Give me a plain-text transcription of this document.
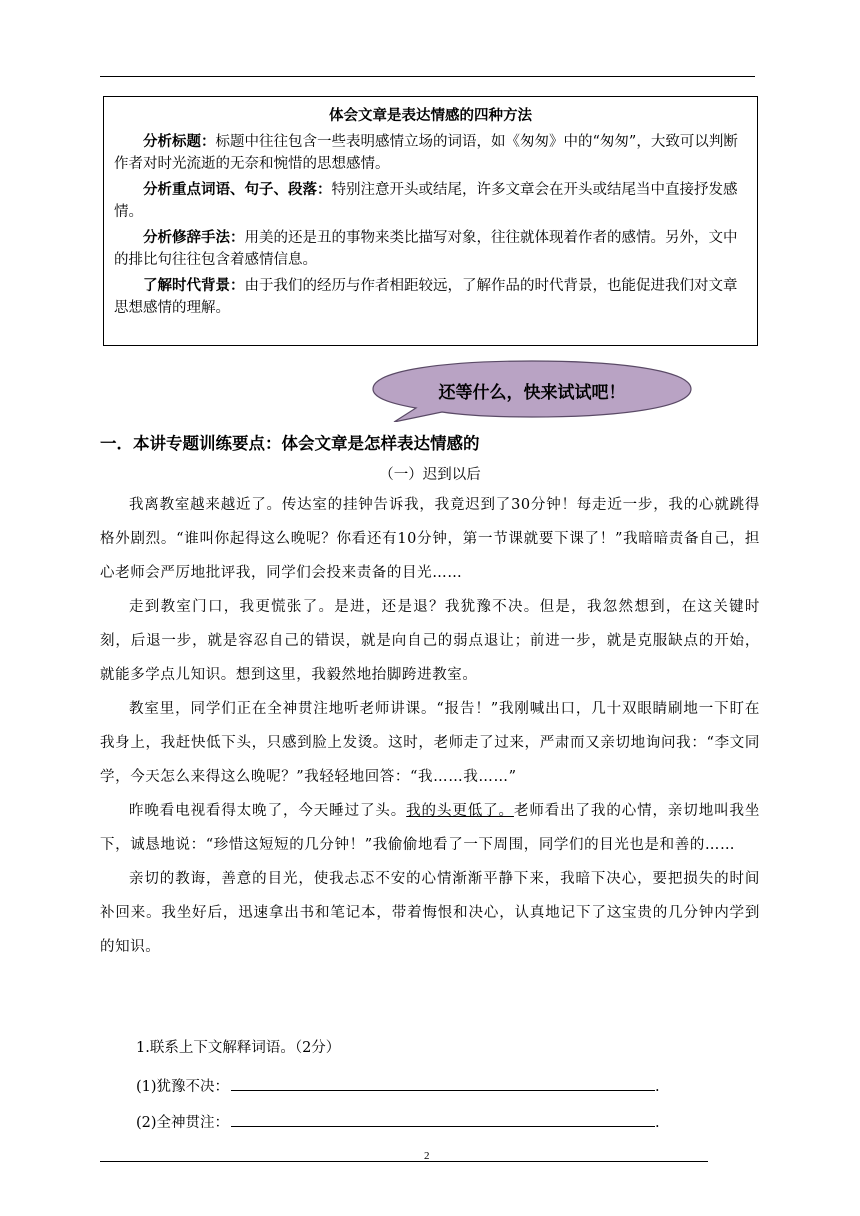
体会文章是表达情感的四种方法

分析标题：标题中往往包含一些表明感情立场的词语，如《匆匆》中的“匆匆”，大致可以判断作者对时光流逝的无奈和惋惜的思想感情。

分析重点词语、句子、段落：特别注意开头或结尾，许多文章会在开头或结尾当中直接抒发感情。

分析修辞手法：用美的还是丑的事物来类比描写对象，往往就体现着作者的感情。另外，文中的排比句往往包含着感情信息。

了解时代背景：由于我们的经历与作者相距较远，了解作品的时代背景，也能促进我们对文章思想感情的理解。

还等什么，快来试试吧！
一．本讲专题训练要点：体会文章是怎样表达情感的
（一）迟到以后

我离教室越来越近了。传达室的挂钟告诉我，我竟迟到了30分钟！每走近一步，我的心就跳得格外剧烈。“谁叫你起得这么晚呢？你看还有10分钟，第一节课就要下课了！”我暗暗责备自己，担心老师会严厉地批评我，同学们会投来责备的目光……

走到教室门口，我更慌张了。是进，还是退？我犹豫不决。但是，我忽然想到，在这关键时刻，后退一步，就是容忍自己的错误，就是向自己的弱点退让；前进一步，就是克服缺点的开始，就能多学点儿知识。想到这里，我毅然地抬脚跨进教室。

教室里，同学们正在全神贯注地听老师讲课。“报告！”我刚喊出口，几十双眼睛刷地一下盯在我身上，我赶快低下头，只感到脸上发烫。这时，老师走了过来，严肃而又亲切地询问我：“李文同学，今天怎么来得这么晚呢？”我轻轻地回答：“我……我……”

昨晚看电视看得太晚了，今天睡过了头。我的头更低了。老师看出了我的心情，亲切地叫我坐下，诚恳地说：“珍惜这短短的几分钟！”我偷偷地看了一下周围，同学们的目光也是和善的……

亲切的教诲，善意的目光，使我忐忑不安的心情渐渐平静下来，我暗下决心，要把损失的时间补回来。我坐好后，迅速拿出书和笔记本，带着悔恨和决心，认真地记下了这宝贵的几分钟内学到的知识。

1.联系上下文解释词语。（2分）
(1)犹豫不决：	.
(2)全神贯注：	.
2
